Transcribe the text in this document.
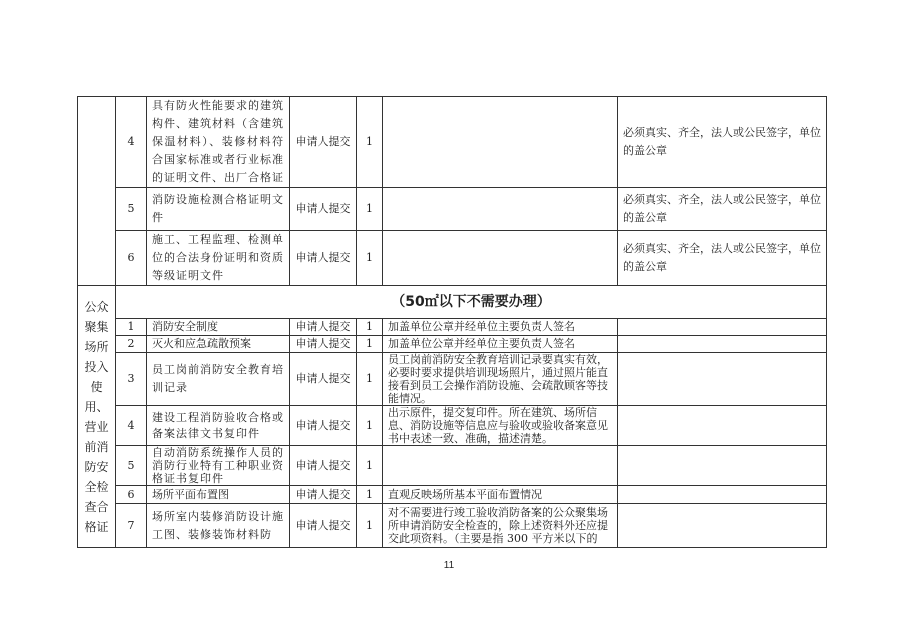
	4	具有防火性能要求的建筑构件、建筑材料（含建筑保温材料）、装修材料符合国家标准或者行业标准的证明文件、出厂合格证	申请人提交	1		必须真实、齐全，法人或公民签字，单位的盖公章
	5	消防设施检测合格证明文件	申请人提交	1		必须真实、齐全，法人或公民签字，单位的盖公章
	6	施工、工程监理、检测单位的合法身份证明和资质等级证明文件	申请人提交	1		必须真实、齐全，法人或公民签字，单位的盖公章
公众聚集场所投入使用、营业前消防安全检查合格证	（50㎡以下不需要办理）					
	1	消防安全制度	申请人提交	1	加盖单位公章并经单位主要负责人签名	
	2	灭火和应急疏散预案	申请人提交	1	加盖单位公章并经单位主要负责人签名	
	3	员工岗前消防安全教育培训记录	申请人提交	1	员工岗前消防安全教育培训记录要真实有效，必要时要求提供培训现场照片，通过照片能直接看到员工会操作消防设施、会疏散顾客等技能情况。	
	4	建设工程消防验收合格或备案法律文书复印件	申请人提交	1	出示原件，提交复印件。所在建筑、场所信息、消防设施等信息应与验收或验收备案意见书中表述一致、准确，描述清楚。	
	5	自动消防系统操作人员的消防行业特有工种职业资格证书复印件	申请人提交	1		
	6	场所平面布置图	申请人提交	1	直观反映场所基本平面布置情况	
	7	场所室内装修消防设计施工图、装修装饰材料防	申请人提交	1	对不需要进行竣工验收消防备案的公众聚集场所申请消防安全检查的，除上述资料外还应提交此项资料。（主要是指 300 平方米以下的	
11
